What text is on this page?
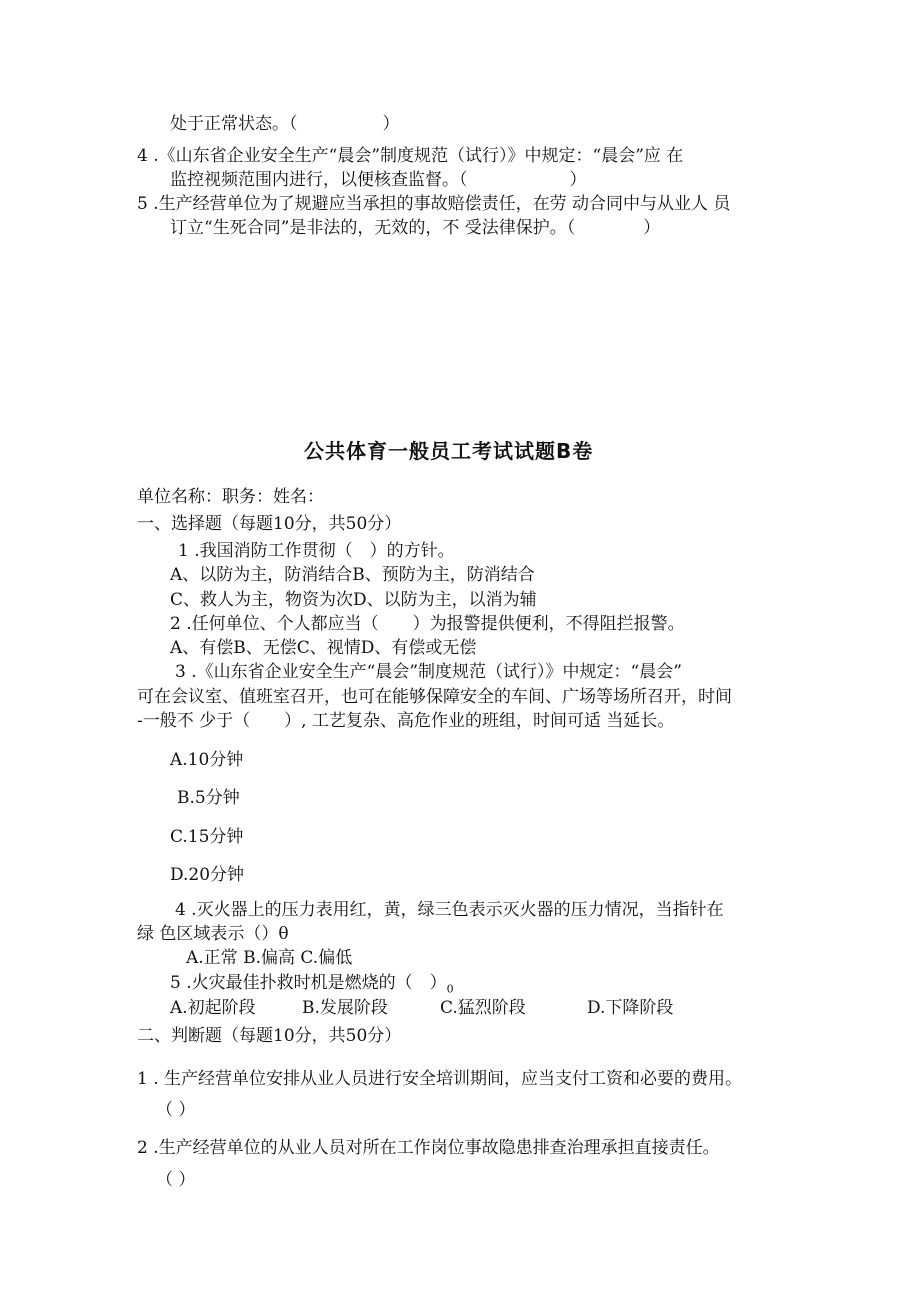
处于正常状态。（　　　　　）
4 .《山东省企业安全生产“晨会”制度规范（试行）》中规定：“晨会”应 在
监控视频范围内进行，以便核查监督。（　　　　　　）
5 .生产经营单位为了规避应当承担的事故赔偿责任，在劳 动合同中与从业人 员
订立“生死合同”是非法的，无效的，不 受法律保护。（　　　　）
公共体育一般员工考试试题B卷
单位名称：职务：姓名：
一、选择题（每题10分，共50分）
1 .我国消防工作贯彻（　）的方针。
A、以防为主，防消结合B、预防为主，防消结合
C、救人为主，物资为次D、以防为主，以消为辅
2 .任何单位、个人都应当（　　）为报警提供便利，不得阻拦报警。
A、有偿B、无偿C、视情D、有偿或无偿
3 .《山东省企业安全生产“晨会”制度规范（试行）》中规定：“晨会”
可在会议室、值班室召开，也可在能够保障安全的车间、广场等场所召开，时间
-一般不 少于（　　）, 工艺复杂、高危作业的班组，时间可适 当延长。
A.10分钟
B.5分钟
C.15分钟
D.20分钟
4 .灭火器上的压力表用红，黄，绿三色表示灭火器的压力情况，当指针在
绿 色区域表示（）θ
A.正常 B.偏高 C.偏低
5 .火灾最佳扑救时机是燃烧的（　）$_0$
A.初起阶段	B.发展阶段	C.猛烈阶段	D.下降阶段
二、判断题（每题10分，共50分）
1 . 生产经营单位安排从业人员进行安全培训期间，应当支付工资和必要的费用。
（ ）
2 .生产经营单位的从业人员对所在工作岗位事故隐患排查治理承担直接责任。
（ ）
